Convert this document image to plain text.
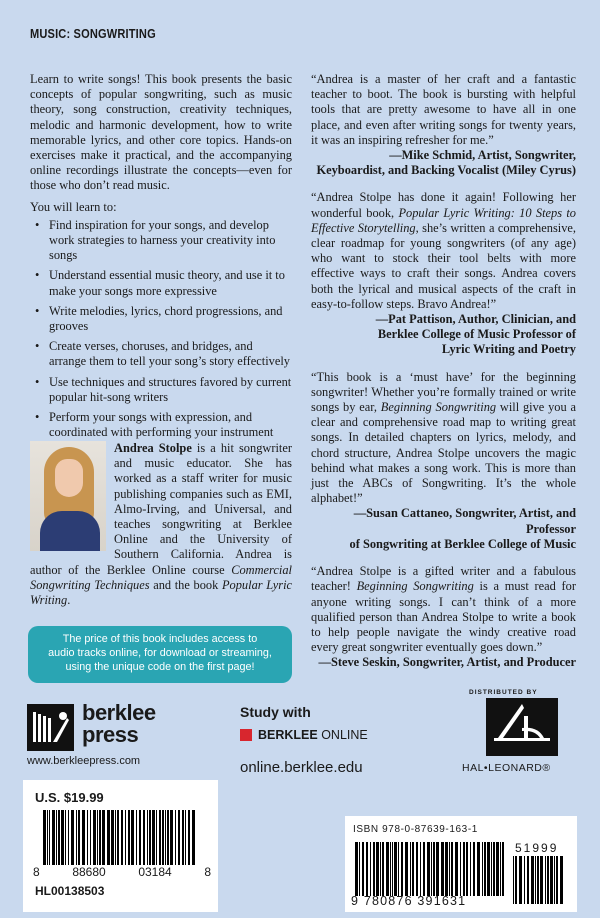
MUSIC: SONGWRITING

Learn to write songs! This book presents the basic concepts of popular songwriting, such as music theory, song construction, creativity techniques, melodic and harmonic development, how to write memorable lyrics, and other core topics. Hands-on exercises make it practical, and the accompanying online recordings illustrate the concepts—even for those who don’t read music.

You will learn to:

• Find inspiration for your songs, and develop work strategies to harness your creativity into songs
• Understand essential music theory, and use it to make your songs more expressive
• Write melodies, lyrics, chord progressions, and grooves
• Create verses, choruses, and bridges, and arrange them to tell your song’s story effectively
• Use techniques and structures favored by current popular hit-song writers
• Perform your songs with expression, and coordinated with performing your instrument

Andrea Stolpe is a hit songwriter and music educator. She has worked as a staff writer for music publishing companies such as EMI, Almo-Irving, and Universal, and teaches songwriting at Berklee Online and the University of Southern California. Andrea is author of the Berklee Online course Commercial Songwriting Techniques and the book Popular Lyric Writing.

“Andrea is a master of her craft and a fantastic teacher to boot. The book is bursting with helpful tools that are pretty awesome to have all in one place, and even after writing songs for twenty years, it was an inspiring refresher for me.”
—Mike Schmid, Artist, Songwriter,
Keyboardist, and Backing Vocalist (Miley Cyrus)
“Andrea Stolpe has done it again! Following her wonderful book, Popular Lyric Writing: 10 Steps to Effective Storytelling, she’s written a comprehensive, clear roadmap for young songwriters (of any age) who want to stock their tool belts with more effective ways to craft their songs. Andrea covers both the lyrical and musical aspects of the craft in easy-to-follow steps. Bravo Andrea!”
—Pat Pattison, Author, Clinician, and
Berklee College of Music Professor of
Lyric Writing and Poetry
“This book is a ‘must have’ for the beginning songwriter! Whether you’re formally trained or write songs by ear, Beginning Songwriting will give you a clear and comprehensive road map to writing great songs. In detailed chapters on lyrics, melody, and chord structure, Andrea Stolpe uncovers the magic behind what makes a song work. This is more than just the ABCs of Songwriting. It’s the whole alphabet!”
—Susan Cattaneo, Songwriter, Artist, and Professor
of Songwriting at Berklee College of Music
“Andrea Stolpe is a gifted writer and a fabulous teacher! Beginning Songwriting is a must read for anyone writing songs. I can’t think of a more qualified person than Andrea Stolpe to write a book to help people navigate the windy creative road every great songwriter eventually goes down.”
—Steve Seskin, Songwriter, Artist, and Producer
The price of this book includes access to
audio tracks online, for download or streaming,
using the unique code on the first page!
berklee
press
www.berkleepress.com
Study with
BERKLEE ONLINE
online.berklee.edu
DISTRIBUTED BY
HAL•LEONARD®
U.S. $19.99
8	88680	03184	8
HL00138503
ISBN 978-0-87639-163-1
51999
9 780876 391631
